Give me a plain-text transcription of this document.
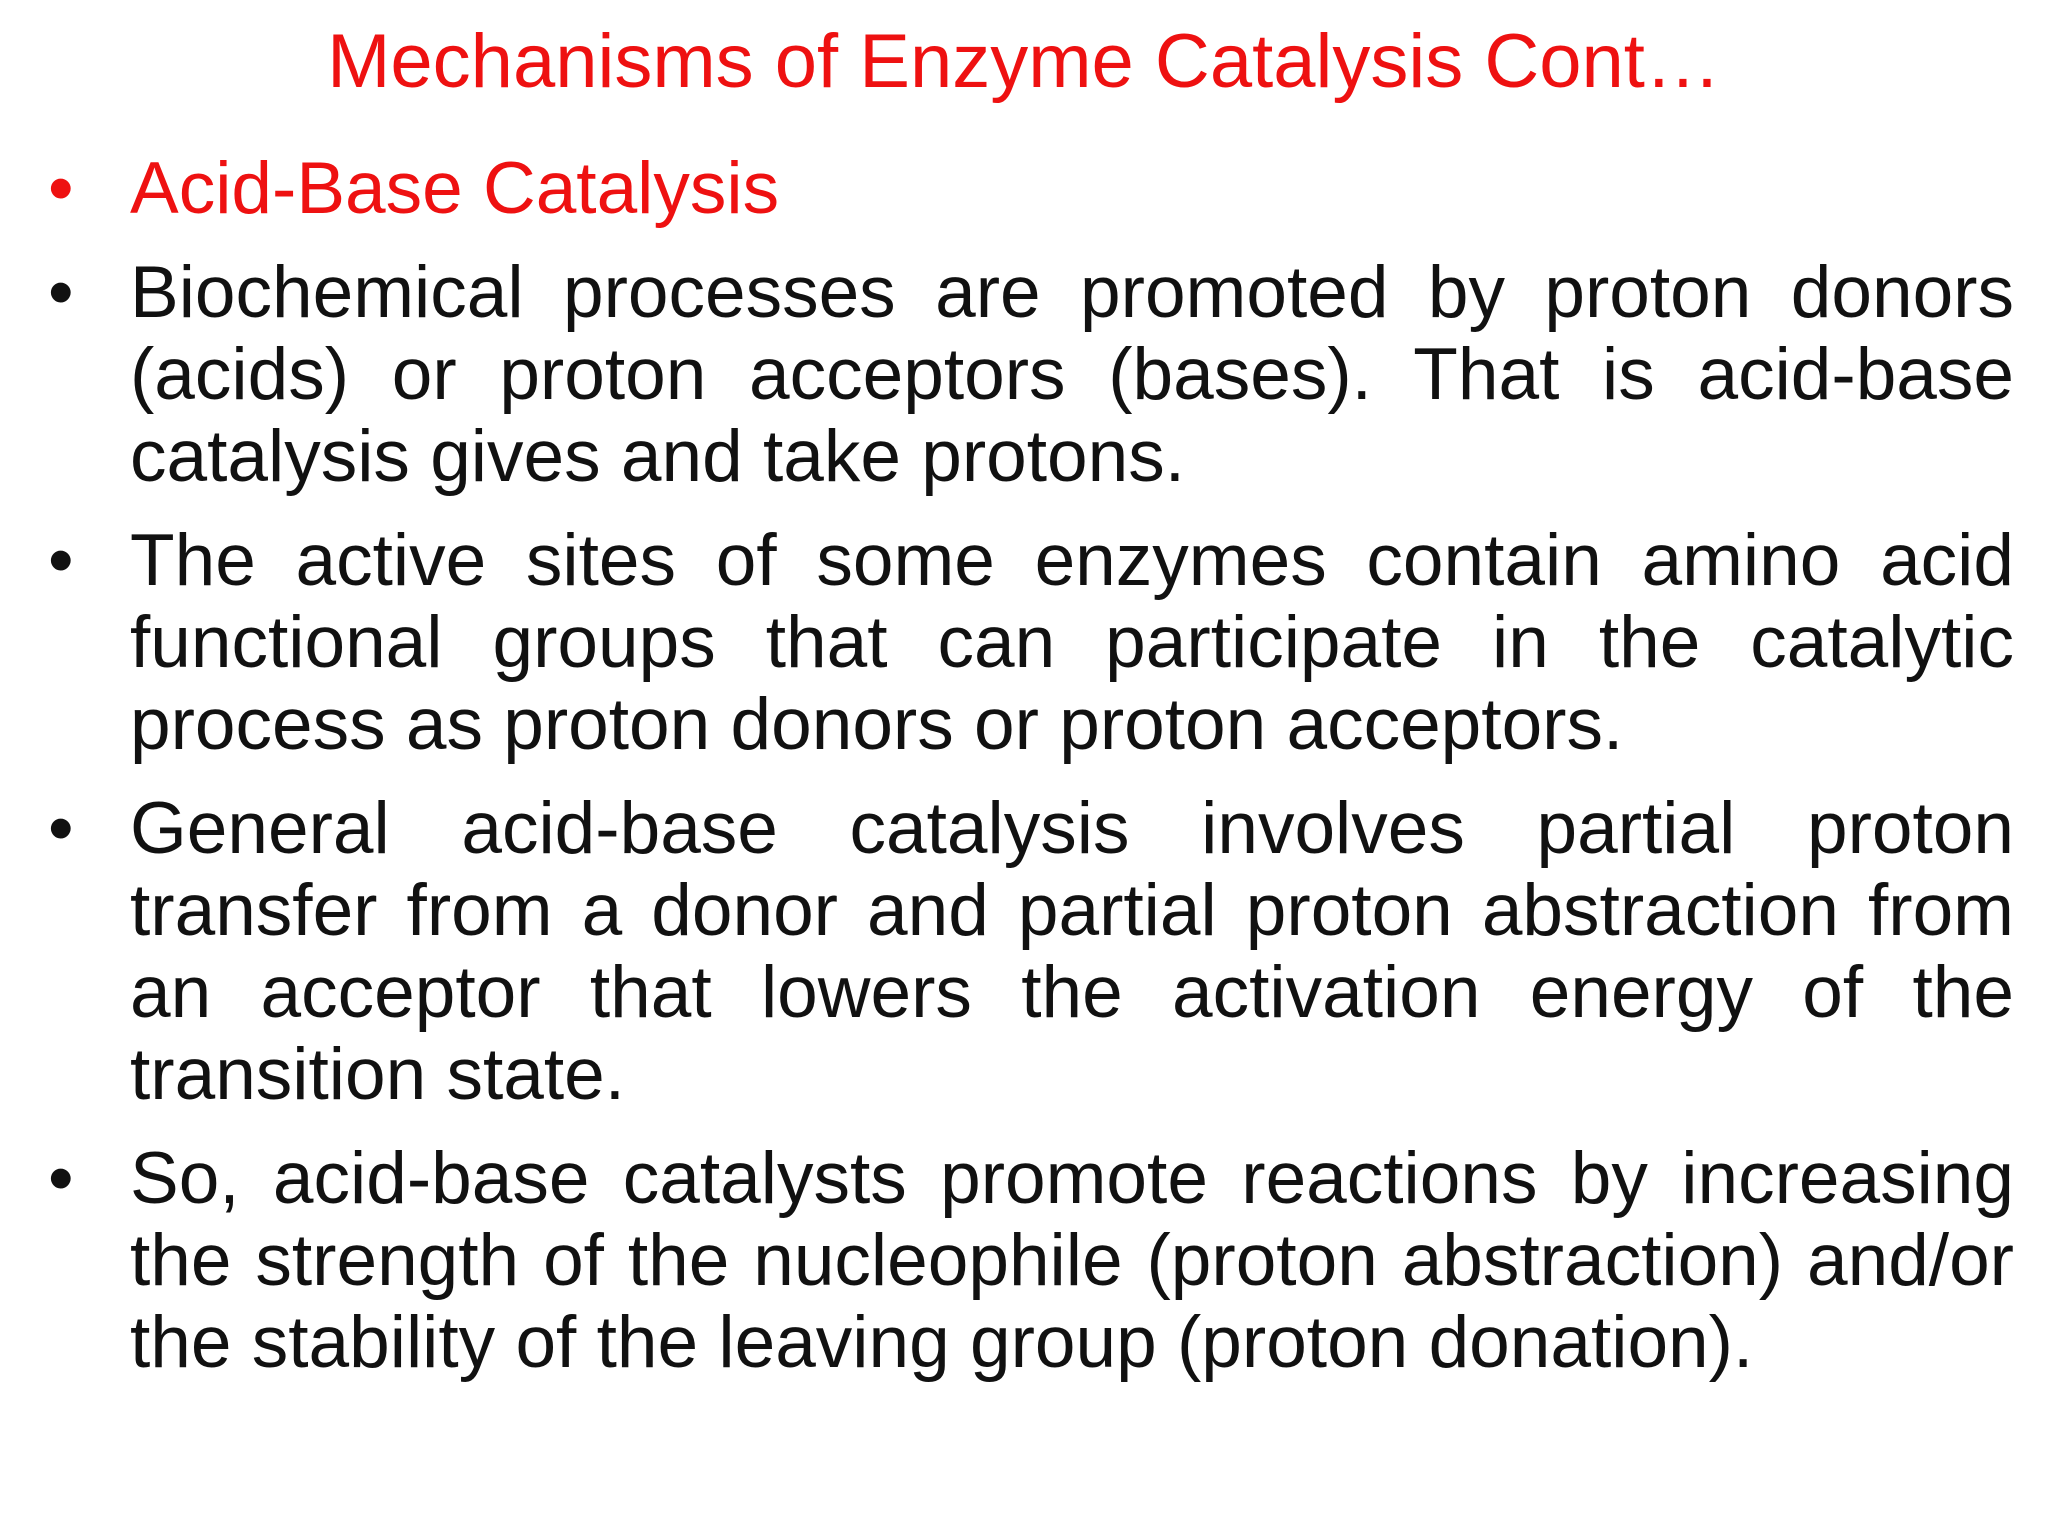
Mechanisms of Enzyme Catalysis Cont…
• Acid-Base Catalysis
• Biochemical processes are promoted by proton donors (acids) or proton acceptors (bases). That is acid-base catalysis gives and take protons.
• The active sites of some enzymes contain amino acid functional groups that can participate in the catalytic process as proton donors or proton acceptors.
• General acid-base catalysis involves partial proton transfer from a donor and partial proton abstraction from an acceptor that lowers the activation energy of the transition state.
• So, acid-base catalysts promote reactions by increasing the strength of the nucleophile (proton abstraction) and/or the stability of the leaving group (proton donation).
